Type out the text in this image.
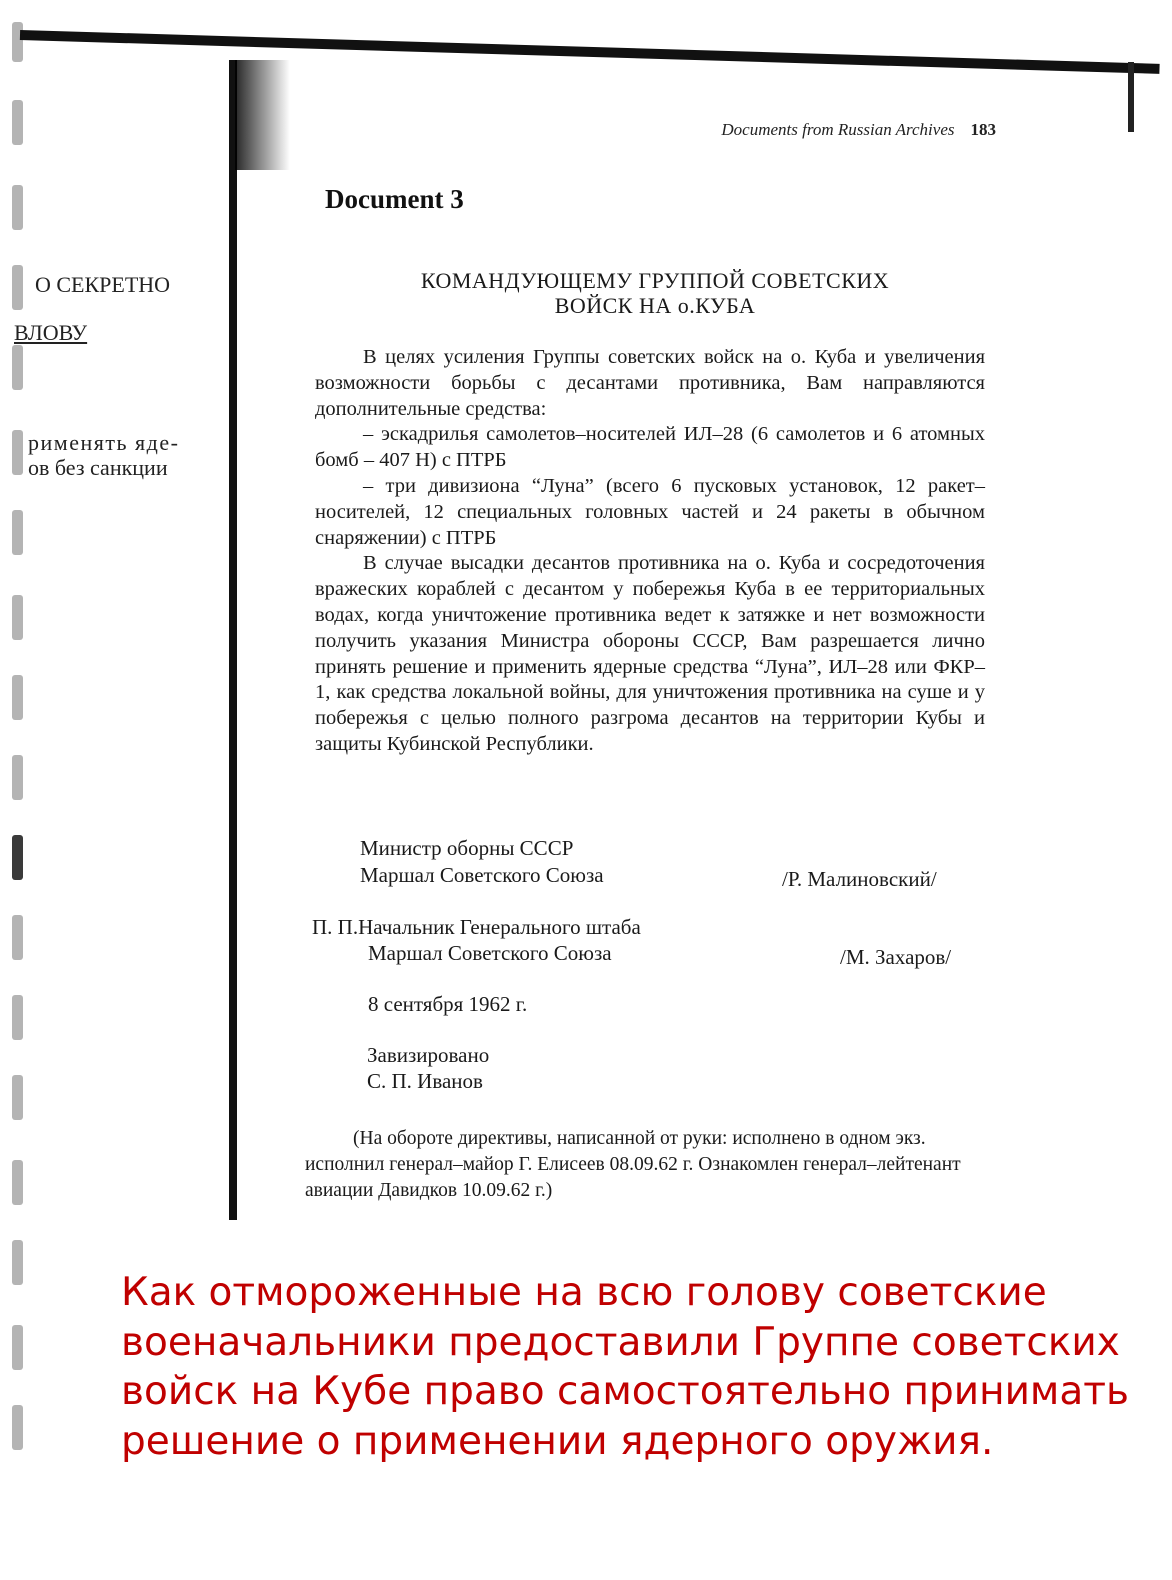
О СЕКРЕТНО
ВЛОВУ
рименять яде-
ов без санкции
Documents from Russian Archives 183
Document 3
КОМАНДУЮЩЕМУ ГРУППОЙ СОВЕТСКИХ
ВОЙСК НА о.КУБА

В целях усиления Группы советских войск на о. Куба и увеличения возможности борьбы с десантами противника, Вам направляются дополнительные средства:

– эскадрилья самолетов–носителей ИЛ–28 (6 самолетов и 6 атомных бомб – 407 Н) с ПТРБ

– три дивизиона “Луна” (всего 6 пусковых установок, 12 ракет–носителей, 12 специальных головных частей и 24 ракеты в обычном снаряжении) с ПТРБ

В случае высадки десантов противника на о. Куба и сосредоточения вражеских кораблей с десантом у побережья Куба в ее территориальных водах, когда уничтожение противника ведет к затяжке и нет возможности получить указания Министра обороны СССР, Вам разрешается лично принять решение и применить ядерные средства “Луна”, ИЛ–28 или ФКР–1, как средства локальной войны, для уничтожения противника на суше и у побережья с целью полного разгрома десантов на территории Кубы и защиты Кубинской Республики.

Министр оборны СССР
Маршал Советского Союза	/Р. Малиновский/
П. П.Начальник Генерального штаба
Маршал Советского Союза	/М. Захаров/
8 сентября 1962 г.
Завизировано
С. П. Иванов

(На обороте директивы, написанной от руки: исполнено в одном экз. исполнил генерал–майор Г. Елисеев 08.09.62 г. Ознакомлен генерал–лейтенант авиации Давидков 10.09.62 г.)

Как отмороженные на всю голову советские военачальники предоставили Группе советских войск на Кубе право самостоятельно принимать решение о применении ядерного оружия.
